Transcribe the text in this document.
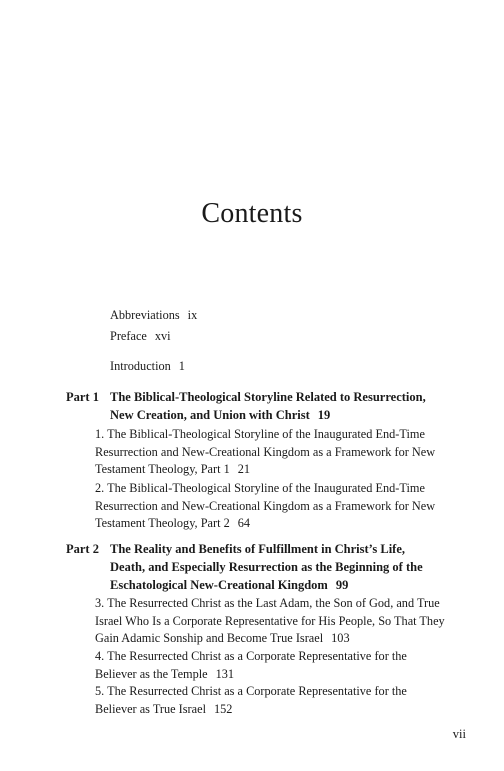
Contents
Abbreviations ix
Preface xvi
Introduction 1
Part 1 The Biblical-Theological Storyline Related to Resurrection, New Creation, and Union with Christ 19
1. The Biblical-Theological Storyline of the Inaugurated End-Time Resurrection and New-Creational Kingdom as a Framework for New Testament Theology, Part 1 21
2. The Biblical-Theological Storyline of the Inaugurated End-Time Resurrection and New-Creational Kingdom as a Framework for New Testament Theology, Part 2 64
Part 2 The Reality and Benefits of Fulfillment in Christ’s Life, Death, and Especially Resurrection as the Beginning of the Eschatological New-Creational Kingdom 99
3. The Resurrected Christ as the Last Adam, the Son of God, and True Israel Who Is a Corporate Representative for His People, So That They Gain Adamic Sonship and Become True Israel 103
4. The Resurrected Christ as a Corporate Representative for the Believer as the Temple 131
5. The Resurrected Christ as a Corporate Representative for the Believer as True Israel 152
vii
